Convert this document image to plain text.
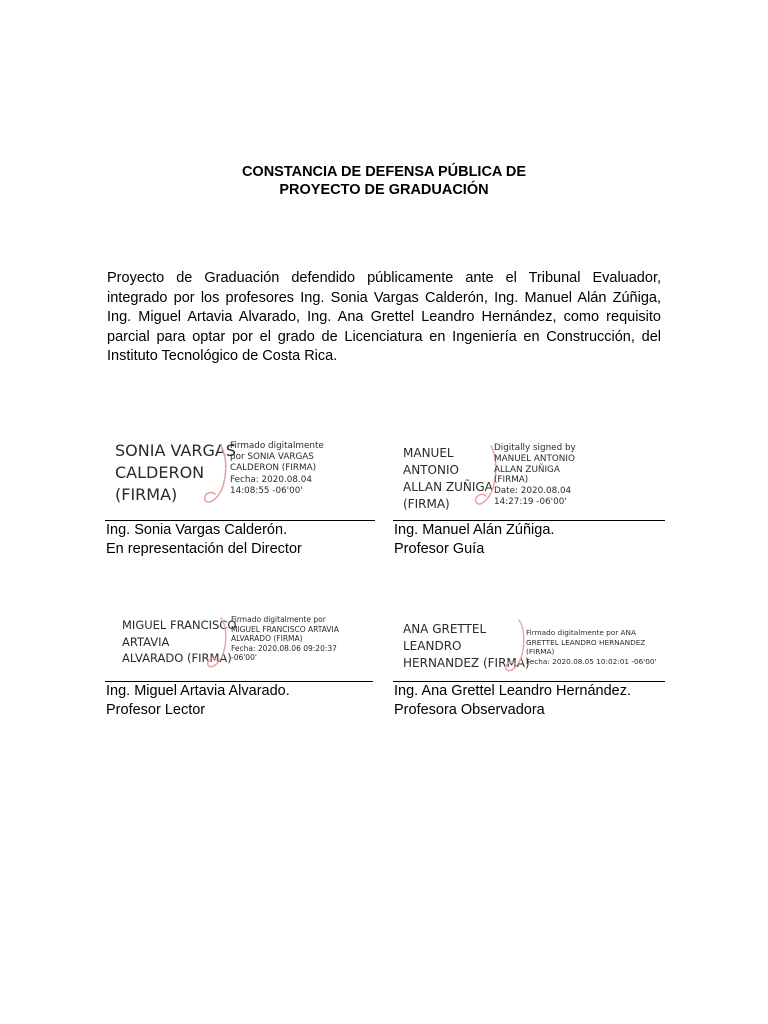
CONSTANCIA DE DEFENSA PÚBLICA DE
PROYECTO DE GRADUACIÓN
Proyecto de Graduación defendido públicamente ante el Tribunal Evaluador, integrado por los profesores Ing. Sonia Vargas Calderón, Ing. Manuel Alán Zúñiga, Ing. Miguel Artavia Alvarado, Ing. Ana Grettel Leandro Hernández, como requisito parcial para optar por el grado de Licenciatura en Ingeniería en Construcción, del Instituto Tecnológico de Costa Rica.
SONIA VARGAS
CALDERON
(FIRMA)
Firmado digitalmente
por SONIA VARGAS
CALDERON (FIRMA)
Fecha: 2020.08.04
14:08:55 -06'00'
Ing. Sonia Vargas Calderón.
En representación del Director
MANUEL
ANTONIO
ALLAN ZUÑIGA
(FIRMA)
Digitally signed by
MANUEL ANTONIO
ALLAN ZUÑIGA
(FIRMA)
Date: 2020.08.04
14:27:19 -06'00'
Ing. Manuel Alán Zúñiga.
Profesor Guía
MIGUEL FRANCISCO
ARTAVIA
ALVARADO (FIRMA)
Firmado digitalmente por
MIGUEL FRANCISCO ARTAVIA
ALVARADO (FIRMA)
Fecha: 2020.08.06 09:20:37
-06'00'
Ing. Miguel Artavia Alvarado.
Profesor Lector
ANA GRETTEL
LEANDRO
HERNANDEZ (FIRMA)
Firmado digitalmente por ANA
GRETTEL LEANDRO HERNANDEZ
(FIRMA)
Fecha: 2020.08.05 10:02:01 -06'00'
Ing. Ana Grettel Leandro Hernández.
Profesora Observadora
